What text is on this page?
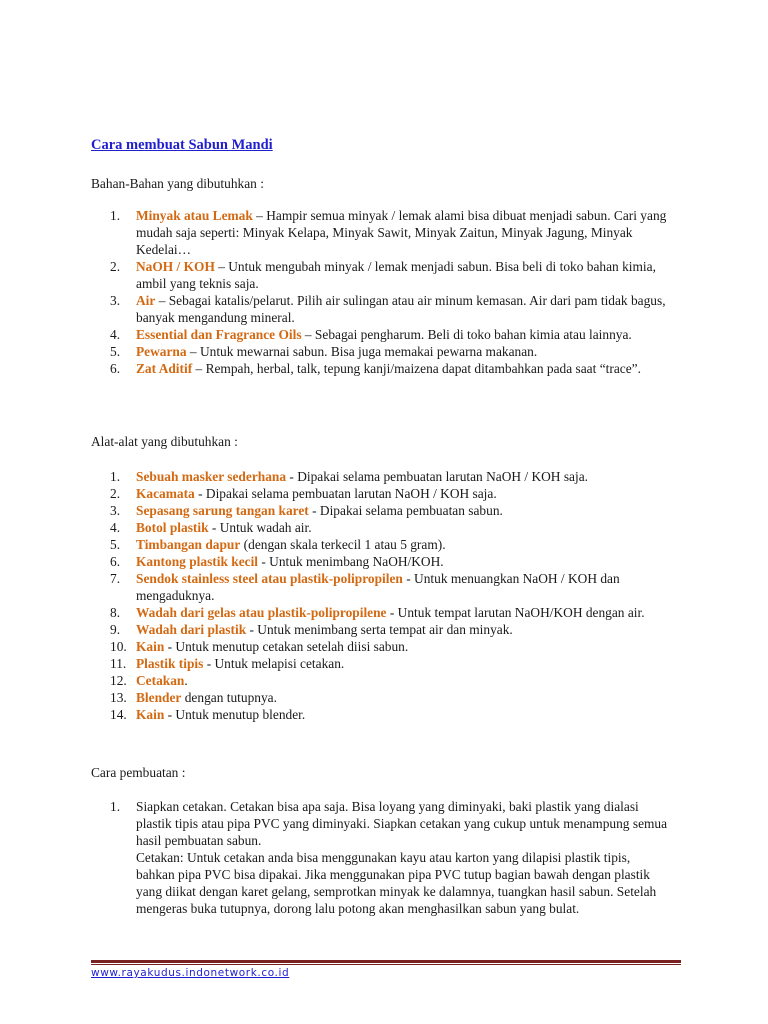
Cara membuat Sabun Mandi

Bahan-Bahan yang dibutuhkan :

1.	Minyak atau Lemak – Hampir semua minyak / lemak alami bisa dibuat menjadi sabun. Cari yang mudah saja seperti: Minyak Kelapa, Minyak Sawit, Minyak Zaitun, Minyak Jagung, Minyak Kedelai…
2.	NaOH / KOH – Untuk mengubah minyak / lemak menjadi sabun. Bisa beli di toko bahan kimia, ambil yang teknis saja.
3.	Air – Sebagai katalis/pelarut. Pilih air sulingan atau air minum kemasan. Air dari pam tidak bagus, banyak mengandung mineral.
4.	Essential dan Fragrance Oils – Sebagai pengharum. Beli di toko bahan kimia atau lainnya.
5.	Pewarna – Untuk mewarnai sabun. Bisa juga memakai pewarna makanan.
6.	Zat Aditif – Rempah, herbal, talk, tepung kanji/maizena dapat ditambahkan pada saat “trace”.

Alat-alat yang dibutuhkan :

1.	Sebuah masker sederhana - Dipakai selama pembuatan larutan NaOH / KOH saja.
2.	Kacamata - Dipakai selama pembuatan larutan NaOH / KOH saja.
3.	Sepasang sarung tangan karet - Dipakai selama pembuatan sabun.
4.	Botol plastik - Untuk wadah air.
5.	Timbangan dapur (dengan skala terkecil 1 atau 5 gram).
6.	Kantong plastik kecil - Untuk menimbang NaOH/KOH.
7.	Sendok stainless steel atau plastik-polipropilen - Untuk menuangkan NaOH / KOH dan mengaduknya.
8.	Wadah dari gelas atau plastik-polipropilene - Untuk tempat larutan NaOH/KOH dengan air.
9.	Wadah dari plastik - Untuk menimbang serta tempat air dan minyak.
10. Kain - Untuk menutup cetakan setelah diisi sabun.
11. Plastik tipis - Untuk melapisi cetakan.
12. Cetakan.
13. Blender dengan tutupnya.
14. Kain - Untuk menutup blender.

Cara pembuatan :

1.	Siapkan cetakan. Cetakan bisa apa saja. Bisa loyang yang diminyaki, baki plastik yang dialasi plastik tipis atau pipa PVC yang diminyaki. Siapkan cetakan yang cukup untuk menampung semua hasil pembuatan sabun.
Cetakan: Untuk cetakan anda bisa menggunakan kayu atau karton yang dilapisi plastik tipis, bahkan pipa PVC bisa dipakai. Jika menggunakan pipa PVC tutup bagian bawah dengan plastik yang diikat dengan karet gelang, semprotkan minyak ke dalamnya, tuangkan hasil sabun. Setelah mengeras buka tutupnya, dorong lalu potong akan menghasilkan sabun yang bulat.
www.rayakudus.indonetwork.co.id
